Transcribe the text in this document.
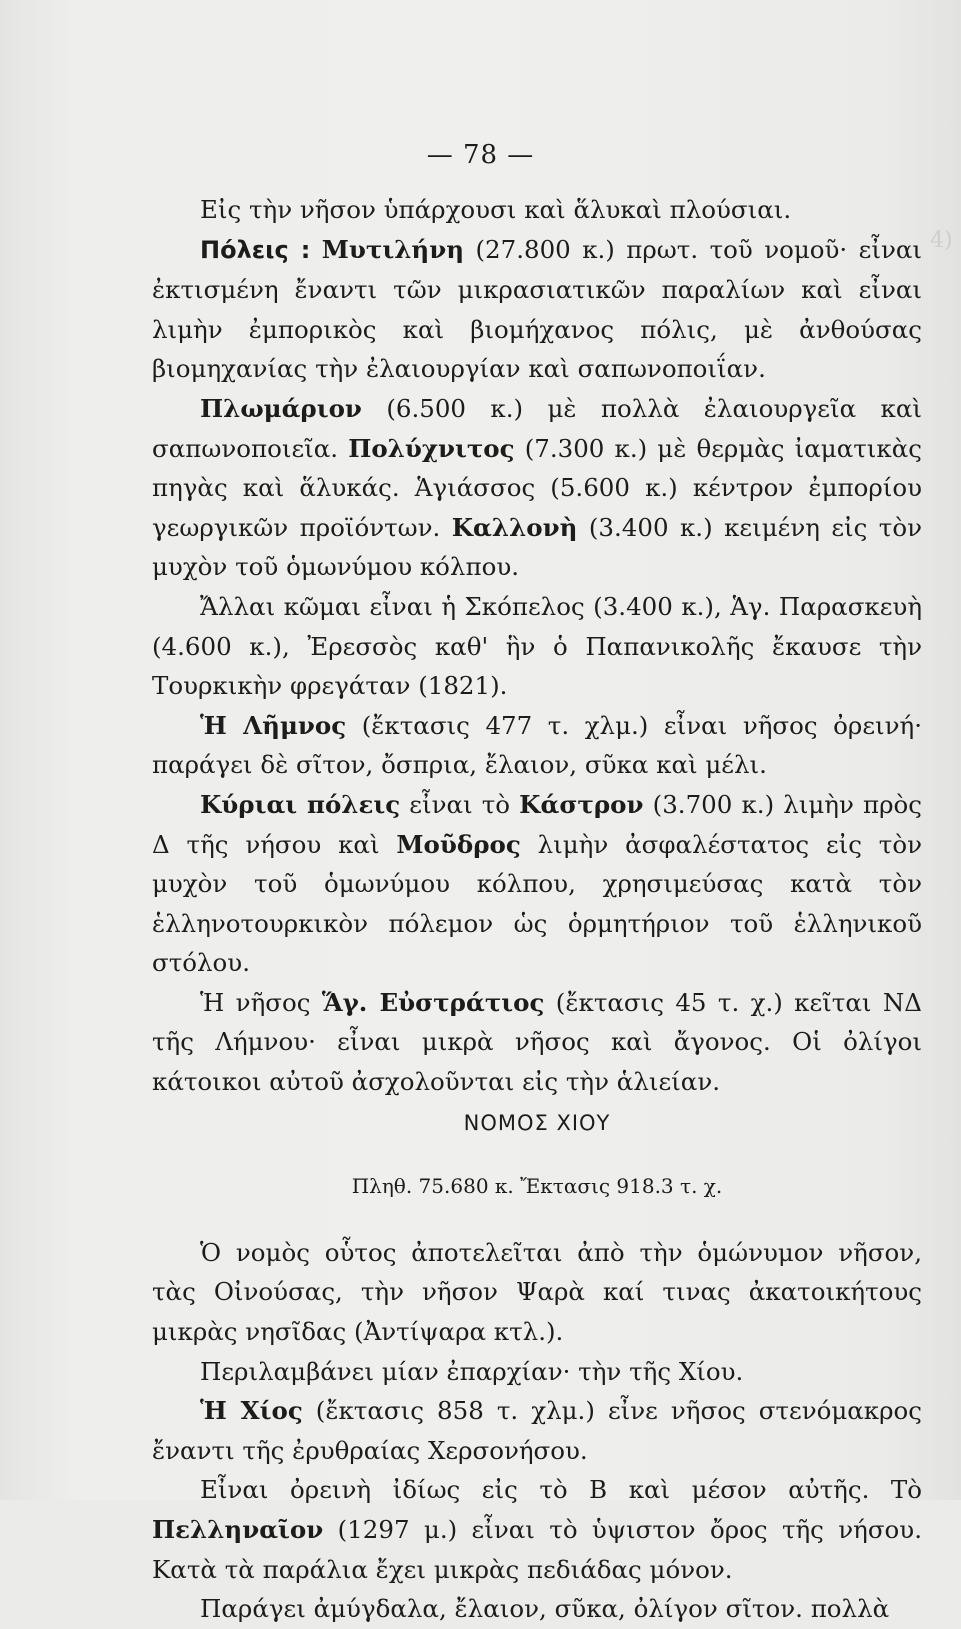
4)
— 78 —

Εἰς τὴν νῆσον ὑπάρχουσι καὶ ἅλυκαὶ πλούσιαι.

Πόλεις : Μυτιλήνη (27.800 κ.) πρωτ. τοῦ νομοῦ· εἶναι ἐκτισμένη ἔναντι τῶν μικρασιατικῶν παραλίων καὶ εἶναι λιμὴν ἐμπορικὸς καὶ βιομήχανος πόλις, μὲ ἀνθούσας βιομηχανίας τὴν ἐλαιουργίαν καὶ σαπωνοποιΐαν.

Πλωμάριον (6.500 κ.) μὲ πολλὰ ἐλαιουργεῖα καὶ σαπωνοποιεῖα. Πολύχνιτος (7.300 κ.) μὲ θερμὰς ἰαματικὰς πηγὰς καὶ ἅλυκάς. Ἁγιάσσος (5.600 κ.) κέντρον ἐμπορίου γεωργικῶν προϊόντων. Καλλονὴ (3.400 κ.) κειμένη εἰς τὸν μυχὸν τοῦ ὁμωνύμου κόλπου.

Ἄλλαι κῶμαι εἶναι ἡ Σκόπελος (3.400 κ.), Ἁγ. Παρασκευὴ (4.600 κ.), Ἐρεσσὸς καθ' ἣν ὁ Παπανικολῆς ἔκαυσε τὴν Τουρκικὴν φρεγάταν (1821).

Ἡ Λῆμνος (ἔκτασις 477 τ. χλμ.) εἶναι νῆσος ὀρεινή· παράγει δὲ σῖτον, ὄσπρια, ἔλαιον, σῦκα καὶ μέλι.

Κύριαι πόλεις εἶναι τὸ Κάστρον (3.700 κ.) λιμὴν πρὸς Δ τῆς νήσου καὶ Μοῦδρος λιμὴν ἀσφαλέστατος εἰς τὸν μυχὸν τοῦ ὁμωνύμου κόλπου, χρησιμεύσας κατὰ τὸν ἑλληνοτουρκικὸν πόλεμον ὡς ὁρμητήριον τοῦ ἑλληνικοῦ στόλου.

Ἡ νῆσος Ἅγ. Εὐστράτιος (ἔκτασις 45 τ. χ.) κεῖται ΝΔ τῆς Λήμνου· εἶναι μικρὰ νῆσος καὶ ἄγονος. Οἱ ὀλίγοι κάτοικοι αὐτοῦ ἀσχολοῦνται εἰς τὴν ἁλιείαν.

ΝΟΜΟΣ ΧΙΟΥ

Πληθ. 75.680 κ. Ἔκτασις 918.3 τ. χ.

Ὁ νομὸς οὗτος ἀποτελεῖται ἀπὸ τὴν ὁμώνυμον νῆσον, τὰς Οἰνούσας, τὴν νῆσον Ψαρὰ καί τινας ἀκατοικήτους μικρὰς νησῖδας (Ἀντίψαρα κτλ.).

Περιλαμβάνει μίαν ἐπαρχίαν· τὴν τῆς Χίου.

Ἡ Χίος (ἔκτασις 858 τ. χλμ.) εἶνε νῆσος στενόμακρος ἔναντι τῆς ἐρυθραίας Χερσονήσου.

Εἶναι ὀρεινὴ ἰδίως εἰς τὸ Β καὶ μέσον αὐτῆς. Τὸ Πελληναῖον (1297 μ.) εἶναι τὸ ὑψιστον ὄρος τῆς νήσου. Κατὰ τὰ παράλια ἔχει μικρὰς πεδιάδας μόνον.

Παράγει ἀμύγδαλα, ἔλαιον, σῦκα, ὀλίγον σῖτον. πολλὰ
